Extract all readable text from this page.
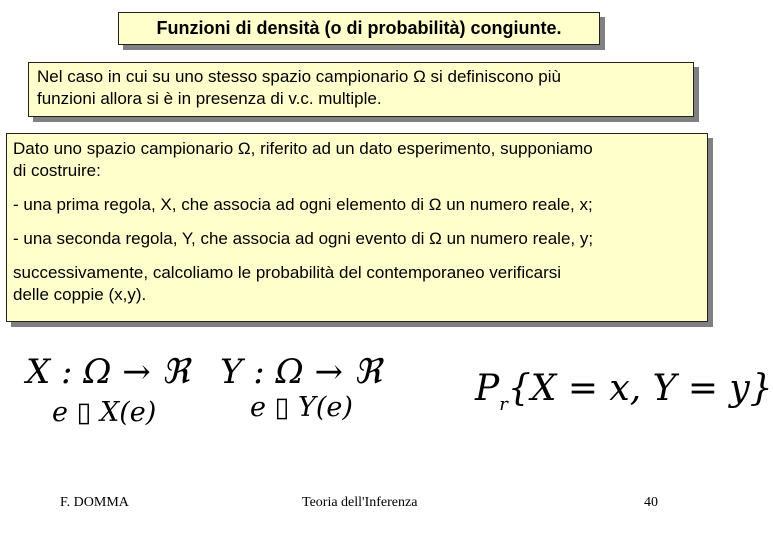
Funzioni di densità (o di probabilità) congiunte.
Nel caso in cui su uno stesso spazio campionario Ω si definiscono più
funzioni allora si è in presenza di v.c. multiple.

Dato uno spazio campionario Ω, riferito ad un dato esperimento, supponiamo

di costruire:

- una prima regola, X, che associa ad ogni elemento di Ω un numero reale, x;

- una seconda regola, Y, che associa ad ogni evento di Ω un numero reale, y;

successivamente, calcoliamo le probabilità del contemporaneo verificarsi

delle coppie (x,y).

X : Ω → ℜ
e ▯ X(e)
Y : Ω → ℜ
e ▯ Y(e)	$P_r\{X = x$, Y = y}
F. DOMMA	Teoria dell'Inferenza	40
